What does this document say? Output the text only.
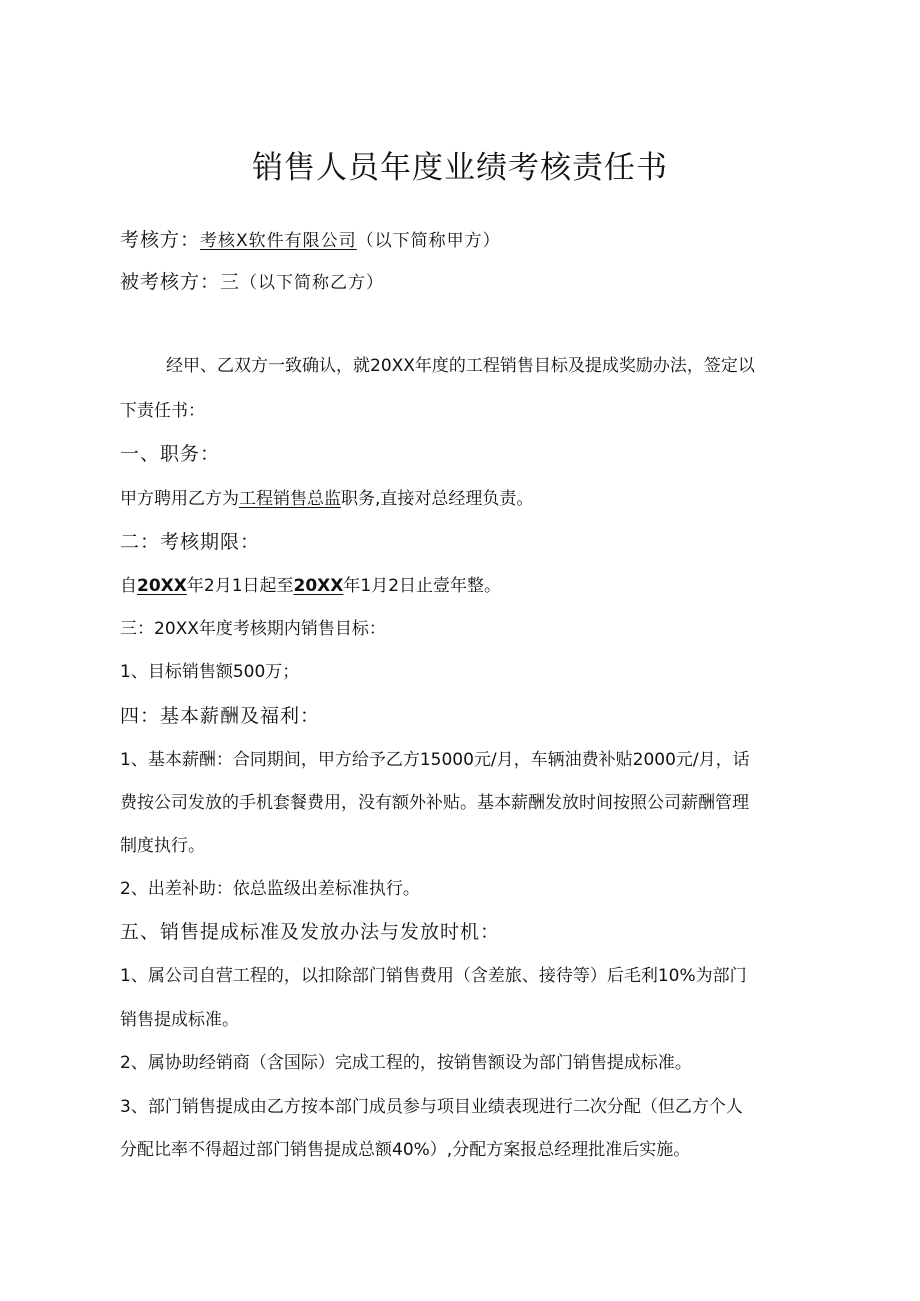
销售人员年度业绩考核责任书
考核方：考核X软件有限公司（以下简称甲方）
被考核方：三（以下简称乙方）
经甲、乙双方一致确认，就20XX年度的工程销售目标及提成奖励办法，签定以
下责任书：
一、职务：
甲方聘用乙方为工程销售总监职务,直接对总经理负责。
二：考核期限：
自20XX年2月1日起至20XX年1月2日止壹年整。
三：20XX年度考核期内销售目标：
1、目标销售额500万；
四：基本薪酬及福利：
1、基本薪酬：合同期间，甲方给予乙方15000元/月，车辆油费补贴2000元/月，话
费按公司发放的手机套餐费用，没有额外补贴。基本薪酬发放时间按照公司薪酬管理
制度执行。
2、出差补助：依总监级出差标准执行。
五、销售提成标准及发放办法与发放时机：
1、属公司自营工程的，以扣除部门销售费用（含差旅、接待等）后毛利10%为部门
销售提成标准。
2、属协助经销商（含国际）完成工程的，按销售额设为部门销售提成标准。
3、部门销售提成由乙方按本部门成员参与项目业绩表现进行二次分配（但乙方个人
分配比率不得超过部门销售提成总额40%）,分配方案报总经理批准后实施。
